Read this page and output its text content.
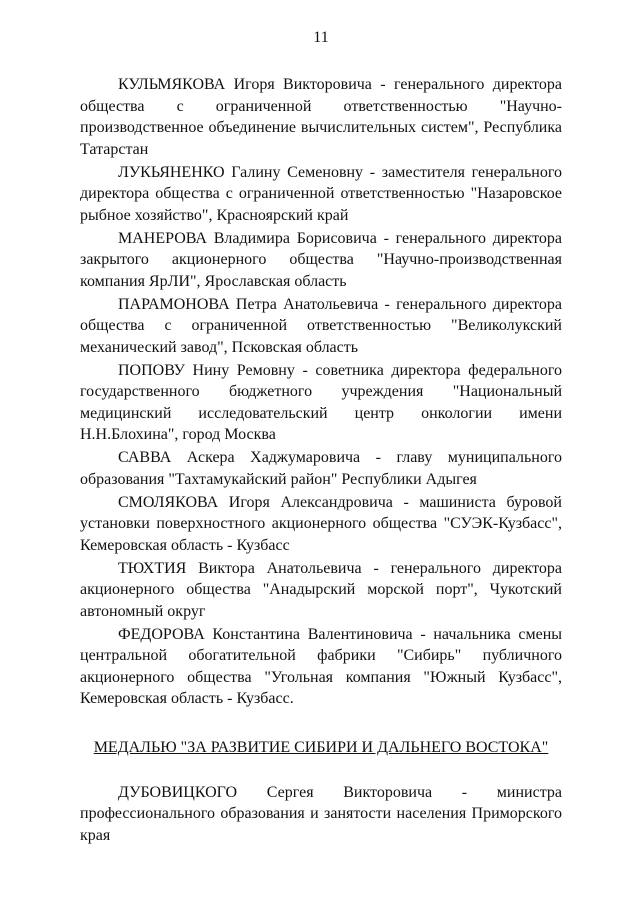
11

КУЛЬМЯКОВА Игоря Викторовича - генерального директора общества с ограниченной ответственностью "Научно-производственное объединение вычислительных систем", Республика Татарстан

ЛУКЬЯНЕНКО Галину Семеновну - заместителя генерального директора общества с ограниченной ответственностью "Назаровское рыбное хозяйство", Красноярский край

МАНЕРОВА Владимира Борисовича - генерального директора закрытого акционерного общества "Научно-производственная компания ЯрЛИ", Ярославская область

ПАРАМОНОВА Петра Анатольевича - генерального директора общества с ограниченной ответственностью "Великолукский механический завод", Псковская область

ПОПОВУ Нину Ремовну - советника директора федерального государственного бюджетного учреждения "Национальный медицинский исследовательский центр онкологии имени Н.Н.Блохина", город Москва

САВВА Аскера Хаджумаровича - главу муниципального образования "Тахтамукайский район" Республики Адыгея

СМОЛЯКОВА Игоря Александровича - машиниста буровой установки поверхностного акционерного общества "СУЭК-Кузбасс", Кемеровская область - Кузбасс

ТЮХТИЯ Виктора Анатольевича - генерального директора акционерного общества "Анадырский морской порт", Чукотский автономный округ

ФЕДОРОВА Константина Валентиновича - начальника смены центральной обогатительной фабрики "Сибирь" публичного акционерного общества "Угольная компания "Южный Кузбасс", Кемеровская область - Кузбасс.

МЕДАЛЬЮ "ЗА РАЗВИТИЕ СИБИРИ И ДАЛЬНЕГО ВОСТОКА"

ДУБОВИЦКОГО Сергея Викторовича - министра профессионального образования и занятости населения Приморского края
